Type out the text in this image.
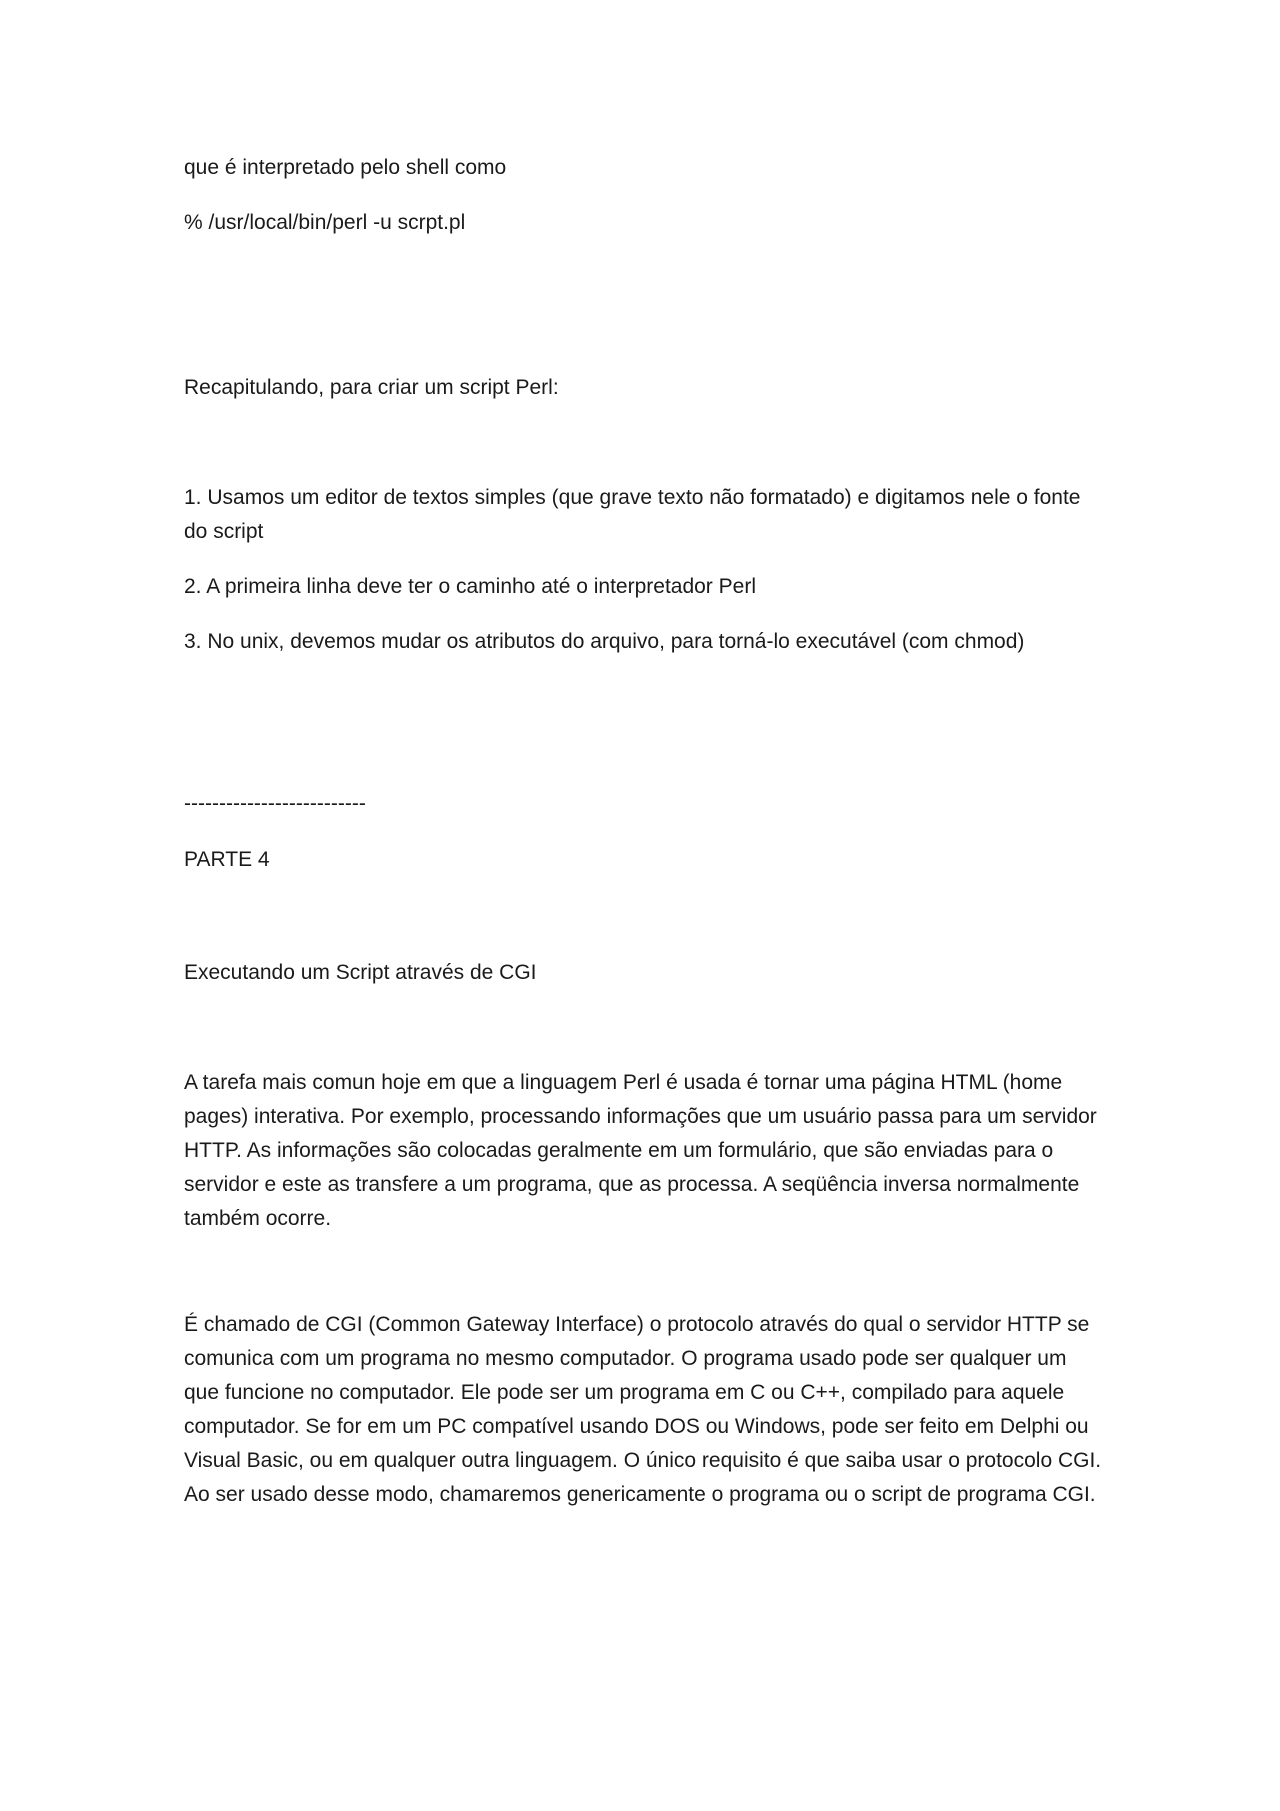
que é interpretado pelo shell como

% /usr/local/bin/perl -u scrpt.pl

Recapitulando, para criar um script Perl:

1. Usamos um editor de textos simples (que grave texto não formatado) e digitamos nele o fonte do script

2. A primeira linha deve ter o caminho até o interpretador Perl

3. No unix, devemos mudar os atributos do arquivo, para torná-lo executável (com chmod)

--------------------------

PARTE 4

Executando um Script através de CGI

A tarefa mais comun hoje em que a linguagem Perl é usada é tornar uma página HTML (home pages) interativa. Por exemplo, processando informações que um usuário passa para um servidor HTTP. As informações são colocadas geralmente em um formulário, que são enviadas para o servidor e este as transfere a um programa, que as processa. A seqüência inversa normalmente também ocorre.

É chamado de CGI (Common Gateway Interface) o protocolo através do qual o servidor HTTP se comunica com um programa no mesmo computador. O programa usado pode ser qualquer um que funcione no computador. Ele pode ser um programa em C ou C++, compilado para aquele computador. Se for em um PC compatível usando DOS ou Windows, pode ser feito em Delphi ou Visual Basic, ou em qualquer outra linguagem. O único requisito é que saiba usar o protocolo CGI. Ao ser usado desse modo, chamaremos genericamente o programa ou o script de programa CGI.
